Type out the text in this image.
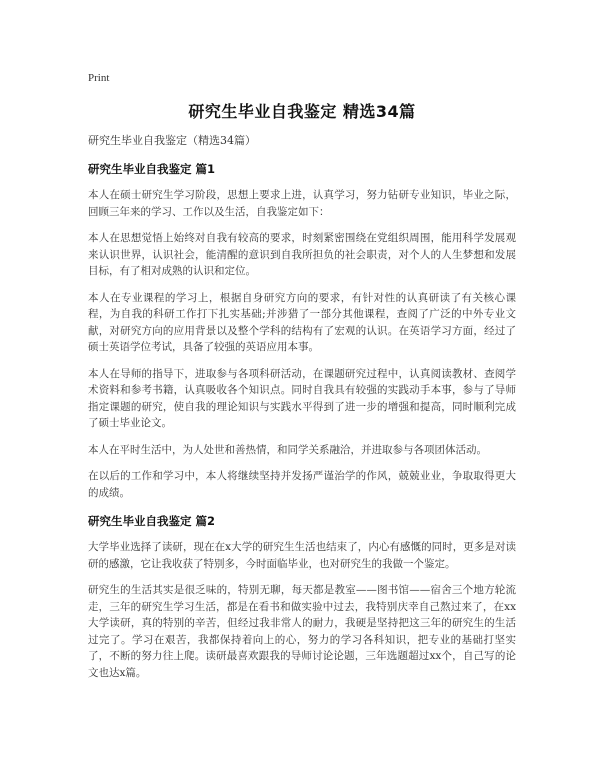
Print
研究生毕业自我鉴定 精选34篇
研究生毕业自我鉴定（精选34篇）
研究生毕业自我鉴定 篇1

本人在硕士研究生学习阶段，思想上要求上进，认真学习，努力钻研专业知识，毕业之际，回顾三年来的学习、工作以及生活，自我鉴定如下：

本人在思想觉悟上始终对自我有较高的要求，时刻紧密围绕在党组织周围，能用科学发展观来认识世界，认识社会，能清醒的意识到自我所担负的社会职责，对个人的人生梦想和发展目标，有了相对成熟的认识和定位。

本人在专业课程的学习上，根据自身研究方向的要求，有针对性的认真研读了有关核心课程，为自我的科研工作打下扎实基础;并涉猎了一部分其他课程，查阅了广泛的中外专业文献，对研究方向的应用背景以及整个学科的结构有了宏观的认识。在英语学习方面，经过了硕士英语学位考试，具备了较强的英语应用本事。

本人在导师的指导下，进取参与各项科研活动，在课题研究过程中，认真阅读教材、查阅学术资料和参考书籍，认真吸收各个知识点。同时自我具有较强的实践动手本事，参与了导师指定课题的研究，使自我的理论知识与实践水平得到了进一步的增强和提高，同时顺利完成了硕士毕业论文。

本人在平时生活中，为人处世和善热情，和同学关系融洽，并进取参与各项团体活动。

在以后的工作和学习中，本人将继续坚持并发扬严谨治学的作风，兢兢业业，争取取得更大的成绩。

研究生毕业自我鉴定 篇2

大学毕业选择了读研，现在在x大学的研究生生活也结束了，内心有感慨的同时，更多是对读研的感激，它让我收获了特别多，今时面临毕业，也对研究生的我做一个鉴定。

研究生的生活其实是很乏味的，特别无聊，每天都是教室——图书馆——宿舍三个地方轮流走，三年的研究生学习生活，都是在看书和做实验中过去，我特别庆幸自己熬过来了，在xx大学读研，真的特别的辛苦，但经过我非常人的耐力，我硬是坚持把这三年的研究生的生活过完了。学习在艰苦，我都保持着向上的心，努力的学习各科知识，把专业的基础打坚实了，不断的努力往上爬。读研最喜欢跟我的导师讨论论题，三年选题超过xx个，自己写的论文也达x篇。
